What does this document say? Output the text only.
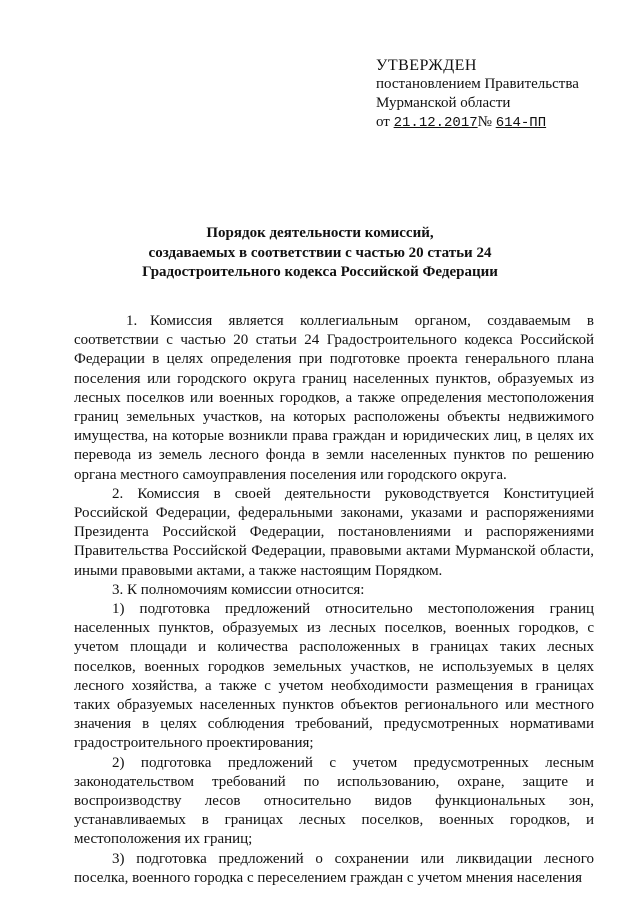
УТВЕРЖДЕН
постановлением Правительства
Мурманской области
от 21.12.2017№ 614-ПП
Порядок деятельности комиссий,
создаваемых в соответствии с частью 20 статьи 24
Градостроительного кодекса Российской Федерации

1. Комиссия является коллегиальным органом, создаваемым в соответствии с частью 20 статьи 24 Градостроительного кодекса Российской Федерации в целях определения при подготовке проекта генерального плана поселения или городского округа границ населенных пунктов, образуемых из лесных поселков или военных городков, а также определения местоположения границ земельных участков, на которых расположены объекты недвижимого имущества, на которые возникли права граждан и юридических лиц, в целях их перевода из земель лесного фонда в земли населенных пунктов по решению органа местного самоуправления поселения или городского округа.

2. Комиссия в своей деятельности руководствуется Конституцией Российской Федерации, федеральными законами, указами и распоряжениями Президента Российской Федерации, постановлениями и распоряжениями Правительства Российской Федерации, правовыми актами Мурманской области, иными правовыми актами, а также настоящим Порядком.

3. К полномочиям комиссии относится:

1) подготовка предложений относительно местоположения границ населенных пунктов, образуемых из лесных поселков, военных городков, с учетом площади и количества расположенных в границах таких лесных поселков, военных городков земельных участков, не используемых в целях лесного хозяйства, а также с учетом необходимости размещения в границах таких образуемых населенных пунктов объектов регионального или местного значения в целях соблюдения требований, предусмотренных нормативами градостроительного проектирования;

2) подготовка предложений с учетом предусмотренных лесным законодательством требований по использованию, охране, защите и воспроизводству лесов относительно видов функциональных зон, устанавливаемых в границах лесных поселков, военных городков, и местоположения их границ;

3) подготовка предложений о сохранении или ликвидации лесного поселка, военного городка с переселением граждан с учетом мнения населения
